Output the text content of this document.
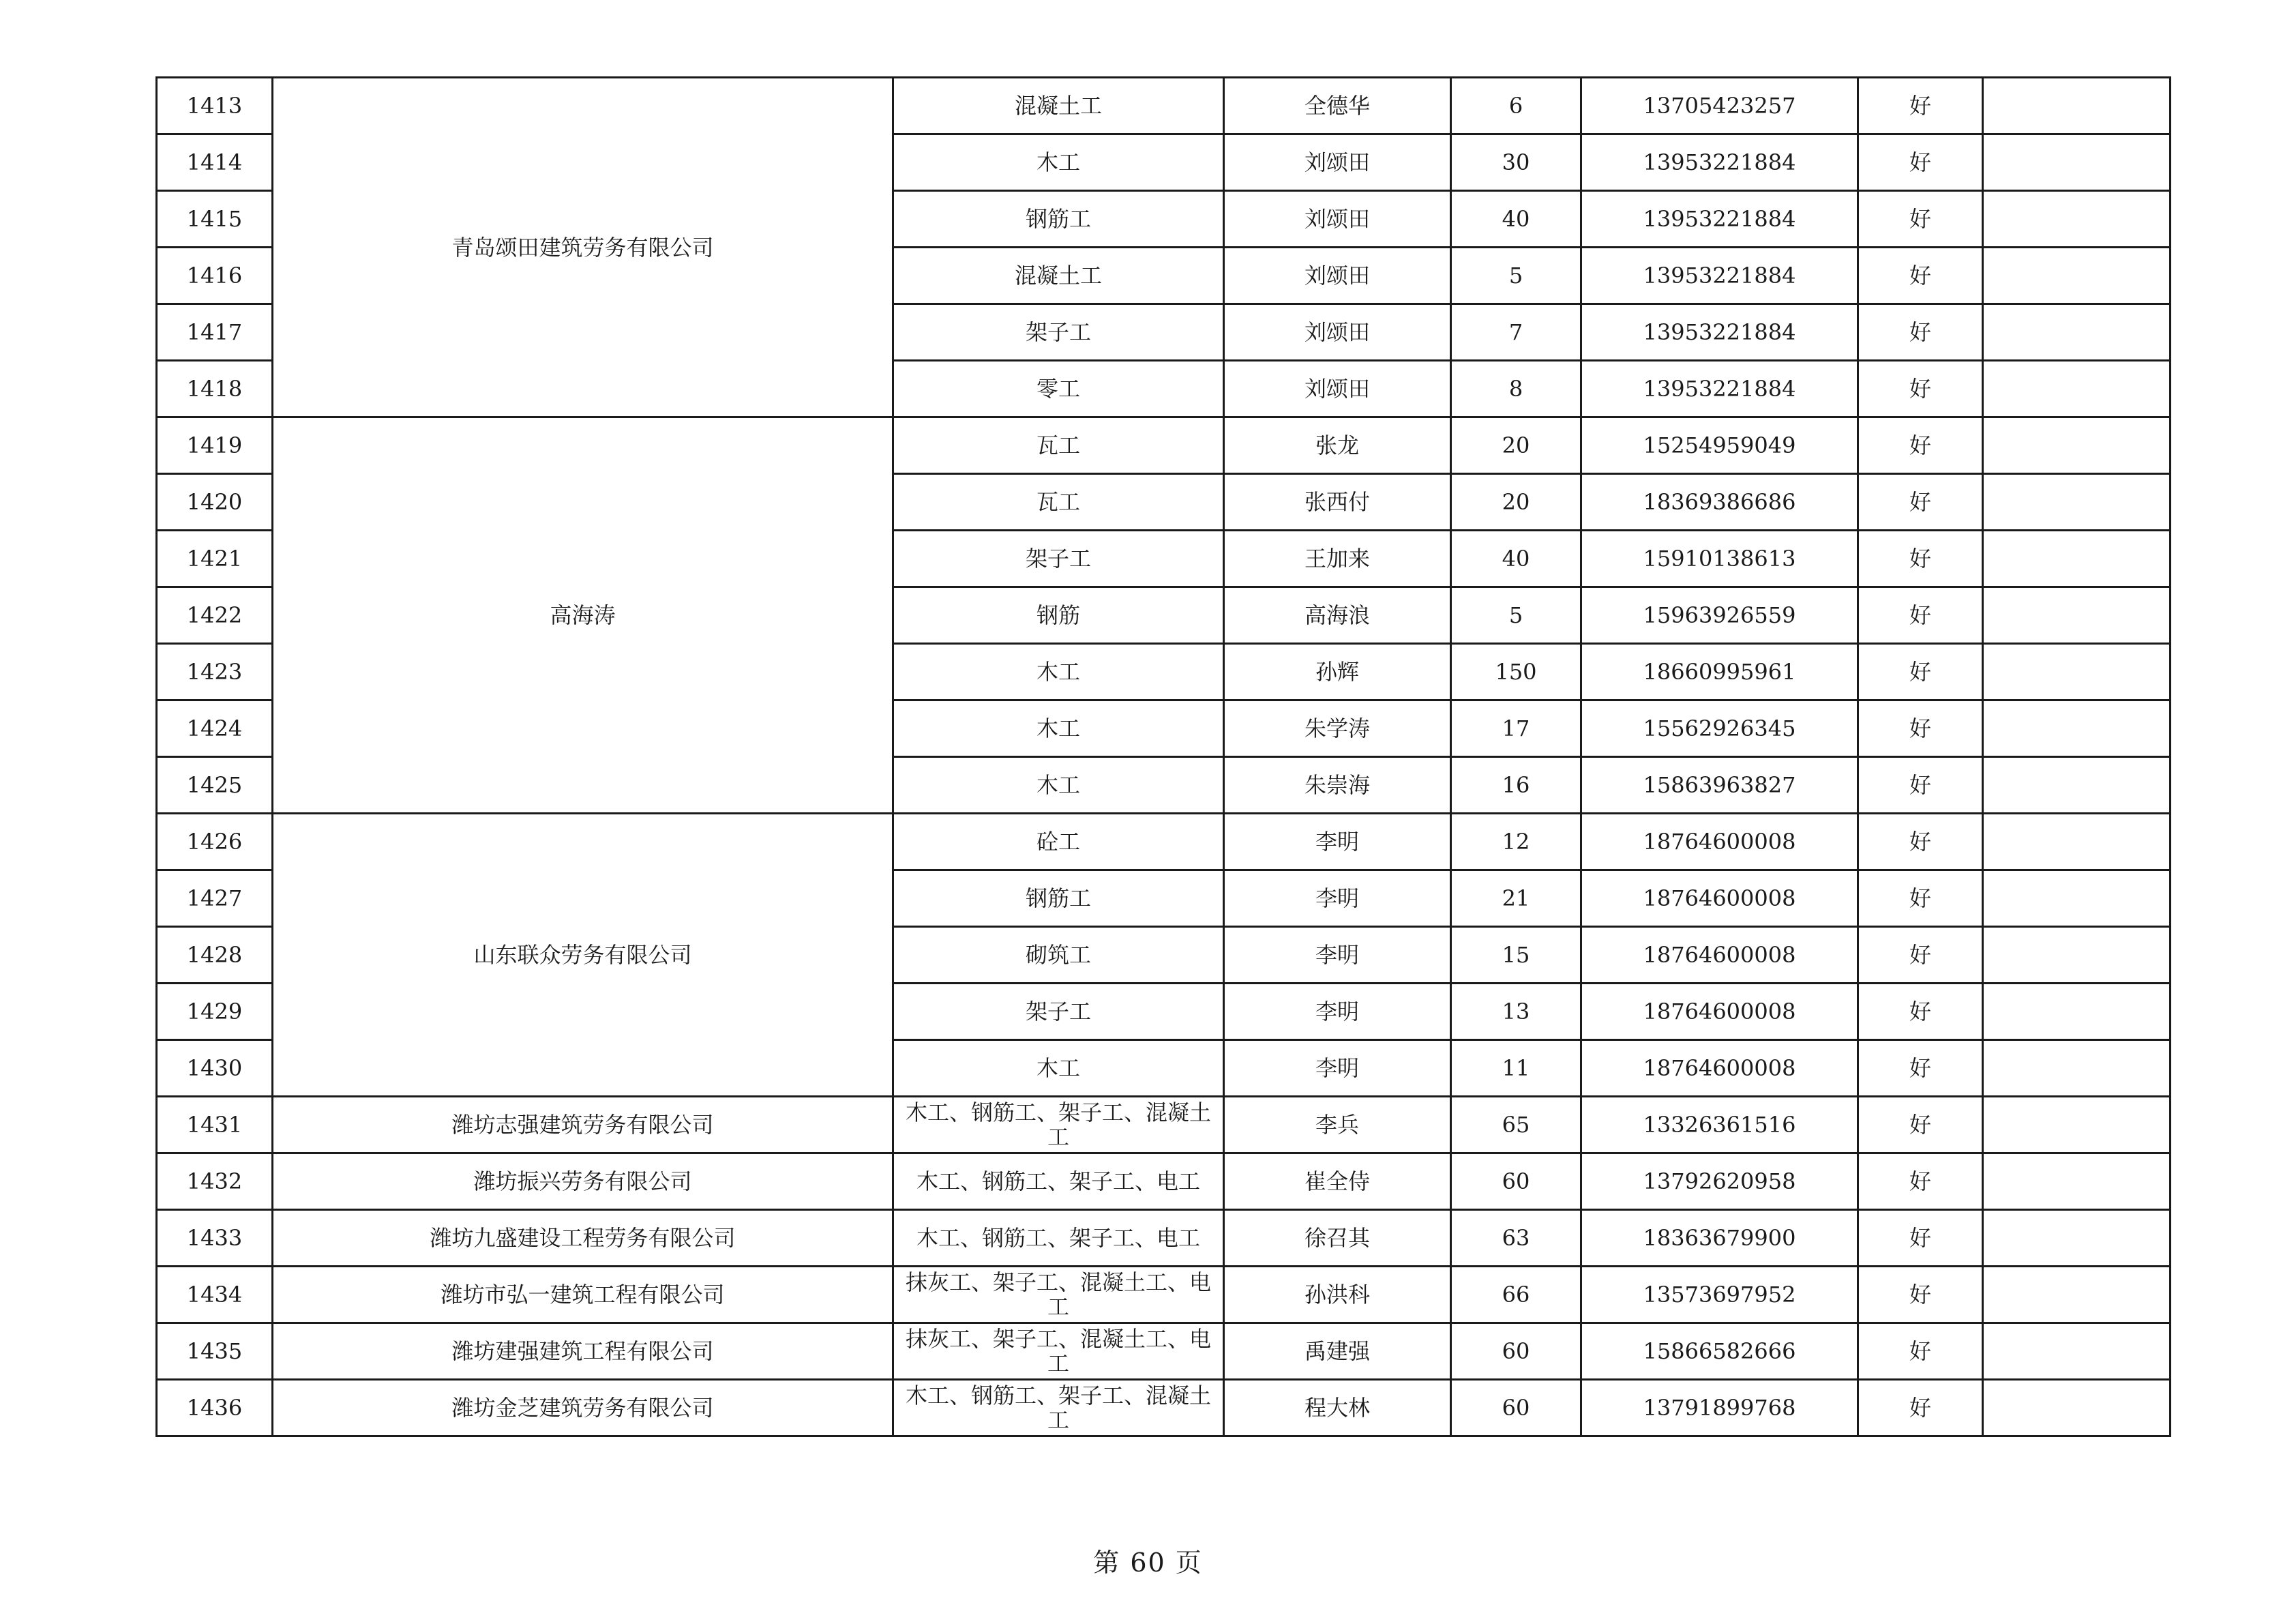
1413	青岛颂田建筑劳务有限公司	混凝土工	全德华	6	13705423257	好	
1414		木工	刘颂田	30	13953221884	好	
1415		钢筋工	刘颂田	40	13953221884	好	
1416		混凝土工	刘颂田	5	13953221884	好	
1417		架子工	刘颂田	7	13953221884	好	
1418		零工	刘颂田	8	13953221884	好	
1419	高海涛	瓦工	张龙	20	15254959049	好	
1420		瓦工	张西付	20	18369386686	好	
1421		架子工	王加来	40	15910138613	好	
1422		钢筋	高海浪	5	15963926559	好	
1423		木工	孙辉	150	18660995961	好	
1424		木工	朱学涛	17	15562926345	好	
1425		木工	朱崇海	16	15863963827	好	
1426	山东联众劳务有限公司	砼工	李明	12	18764600008	好	
1427		钢筋工	李明	21	18764600008	好	
1428		砌筑工	李明	15	18764600008	好	
1429		架子工	李明	13	18764600008	好	
1430		木工	李明	11	18764600008	好	
1431	潍坊志强建筑劳务有限公司	木工、钢筋工、架子工、混凝土工	李兵	65	13326361516	好	
1432	潍坊振兴劳务有限公司	木工、钢筋工、架子工、电工	崔全侍	60	13792620958	好	
1433	潍坊九盛建设工程劳务有限公司	木工、钢筋工、架子工、电工	徐召其	63	18363679900	好	
1434	潍坊市弘一建筑工程有限公司	抹灰工、架子工、混凝土工、电工	孙洪科	66	13573697952	好	
1435	潍坊建强建筑工程有限公司	抹灰工、架子工、混凝土工、电工	禹建强	60	15866582666	好	
1436	潍坊金芝建筑劳务有限公司	木工、钢筋工、架子工、混凝土工	程大林	60	13791899768	好	
第 60 页
